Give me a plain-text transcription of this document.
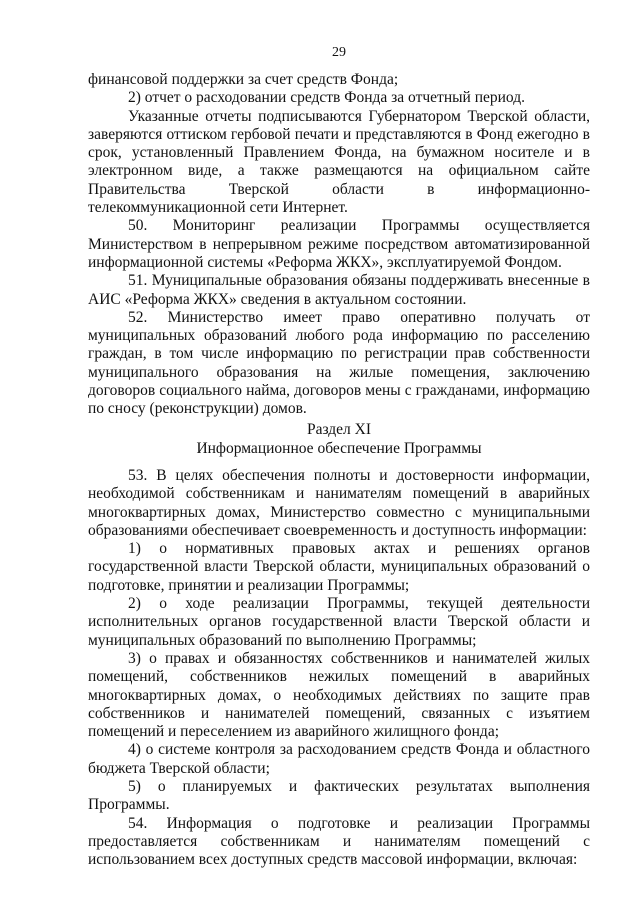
29

финансовой поддержки за счет средств Фонда;

2) отчет о расходовании средств Фонда за отчетный период.

Указанные отчеты подписываются Губернатором Тверской области, заверяются оттиском гербовой печати и представляются в Фонд ежегодно в срок, установленный Правлением Фонда, на бумажном носителе и в электронном виде, а также размещаются на официальном сайте Правительства Тверской области в информационно-телекоммуникационной сети Интернет.

50. Мониторинг реализации Программы осуществляется Министерством в непрерывном режиме посредством автоматизированной информационной системы «Реформа ЖКХ», эксплуатируемой Фондом.

51. Муниципальные образования обязаны поддерживать внесенные в АИС «Реформа ЖКХ» сведения в актуальном состоянии.

52. Министерство имеет право оперативно получать от муниципальных образований любого рода информацию по расселению граждан, в том числе информацию по регистрации прав собственности муниципального образования на жилые помещения, заключению договоров социального найма, договоров мены с гражданами, информацию по сносу (реконструкции) домов.

Раздел XI
Информационное обеспечение Программы

53. В целях обеспечения полноты и достоверности информации, необходимой собственникам и нанимателям помещений в аварийных многоквартирных домах, Министерство совместно с муниципальными образованиями обеспечивает своевременность и доступность информации:

1) о нормативных правовых актах и решениях органов государственной власти Тверской области, муниципальных образований о подготовке, принятии и реализации Программы;

2) о ходе реализации Программы, текущей деятельности исполнительных органов государственной власти Тверской области и муниципальных образований по выполнению Программы;

3) о правах и обязанностях собственников и нанимателей жилых помещений, собственников нежилых помещений в аварийных многоквартирных домах, о необходимых действиях по защите прав собственников и нанимателей помещений, связанных с изъятием помещений и переселением из аварийного жилищного фонда;

4) о системе контроля за расходованием средств Фонда и областного бюджета Тверской области;

5) о планируемых и фактических результатах выполнения Программы.

54. Информация о подготовке и реализации Программы предоставляется собственникам и нанимателям помещений с использованием всех доступных средств массовой информации, включая:
